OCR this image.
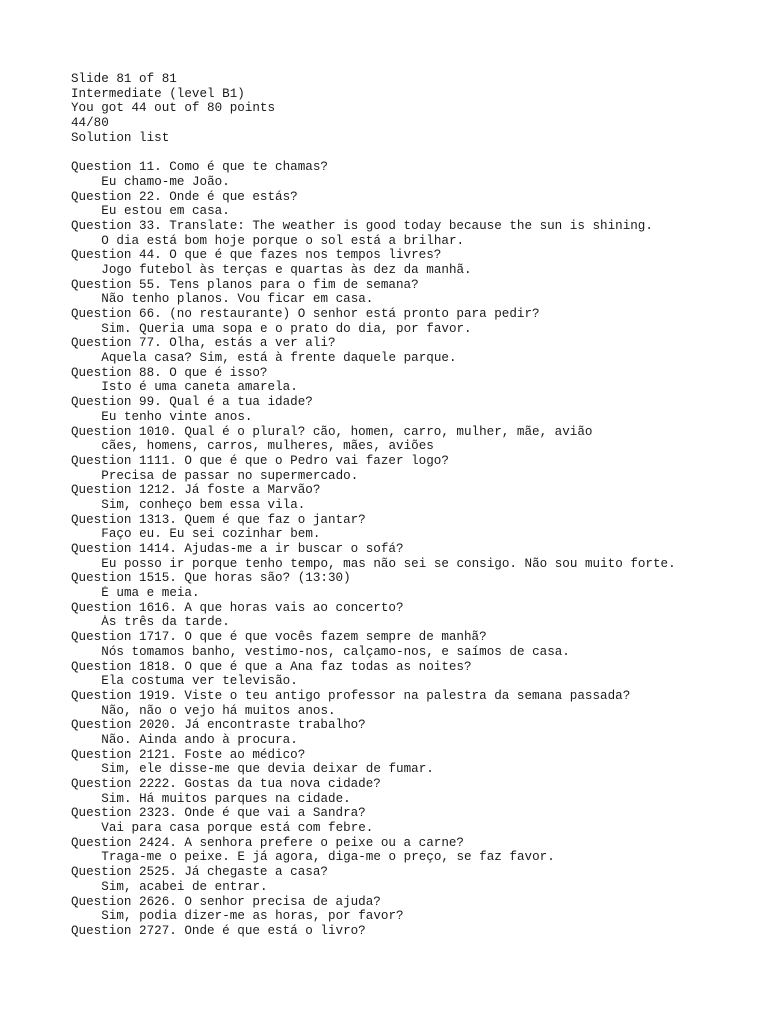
Slide 81 of 81
Intermediate (level B1)
You got 44 out of 80 points
44/80
Solution list
Question 11. Como é que te chamas?
Eu chamo-me João.
Question 22. Onde é que estás?
Eu estou em casa.
Question 33. Translate: The weather is good today because the sun is shining.
O dia está bom hoje porque o sol está a brilhar.
Question 44. O que é que fazes nos tempos livres?
Jogo futebol às terças e quartas às dez da manhã.
Question 55. Tens planos para o fim de semana?
Não tenho planos. Vou ficar em casa.
Question 66. (no restaurante) O senhor está pronto para pedir?
Sim. Queria uma sopa e o prato do dia, por favor.
Question 77. Olha, estás a ver ali?
Aquela casa? Sim, está à frente daquele parque.
Question 88. O que é isso?
Isto é uma caneta amarela.
Question 99. Qual é a tua idade?
Eu tenho vinte anos.
Question 1010. Qual é o plural? cão, homen, carro, mulher, mãe, avião
cães, homens, carros, mulheres, mães, aviões
Question 1111. O que é que o Pedro vai fazer logo?
Precisa de passar no supermercado.
Question 1212. Já foste a Marvão?
Sim, conheço bem essa vila.
Question 1313. Quem é que faz o jantar?
Faço eu. Eu sei cozinhar bem.
Question 1414. Ajudas-me a ir buscar o sofá?
Eu posso ir porque tenho tempo, mas não sei se consigo. Não sou muito forte.
Question 1515. Que horas são? (13:30)
É uma e meia.
Question 1616. A que horas vais ao concerto?
Às três da tarde.
Question 1717. O que é que vocês fazem sempre de manhã?
Nós tomamos banho, vestimo-nos, calçamo-nos, e saímos de casa.
Question 1818. O que é que a Ana faz todas as noites?
Ela costuma ver televisão.
Question 1919. Viste o teu antigo professor na palestra da semana passada?
Não, não o vejo há muitos anos.
Question 2020. Já encontraste trabalho?
Não. Ainda ando à procura.
Question 2121. Foste ao médico?
Sim, ele disse-me que devia deixar de fumar.
Question 2222. Gostas da tua nova cidade?
Sim. Há muitos parques na cidade.
Question 2323. Onde é que vai a Sandra?
Vai para casa porque está com febre.
Question 2424. A senhora prefere o peixe ou a carne?
Traga-me o peixe. E já agora, diga-me o preço, se faz favor.
Question 2525. Já chegaste a casa?
Sim, acabei de entrar.
Question 2626. O senhor precisa de ajuda?
Sim, podia dizer-me as horas, por favor?
Question 2727. Onde é que está o livro?
